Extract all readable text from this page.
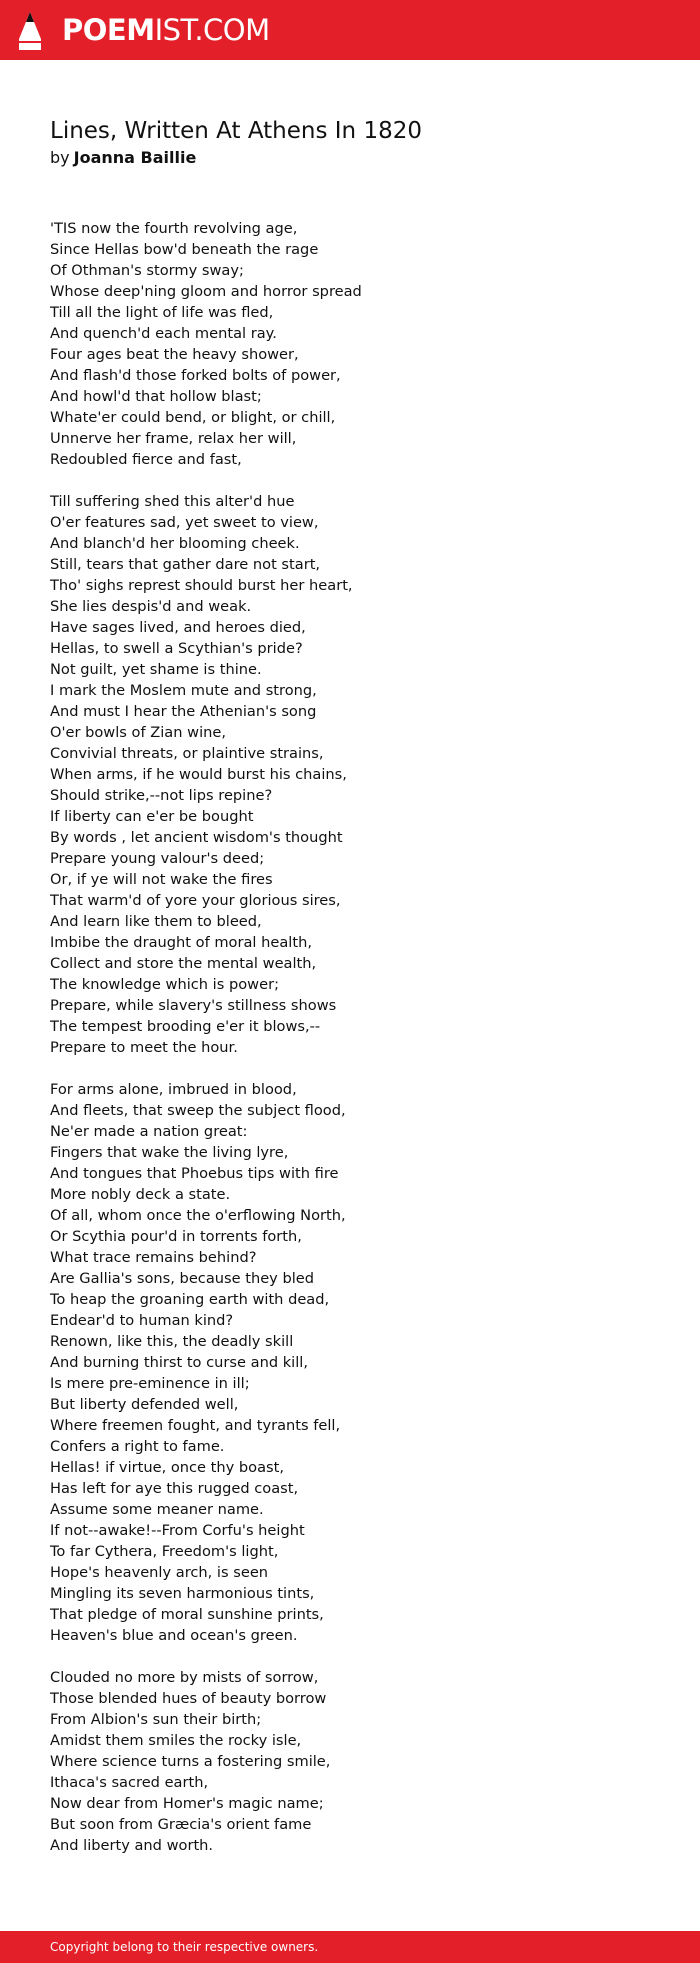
POEMIST.COM
Lines, Written At Athens In 1820
by Joanna Baillie
'TIS now the fourth revolving age,
Since Hellas bow'd beneath the rage
Of Othman's stormy sway;
Whose deep'ning gloom and horror spread
Till all the light of life was fled,
And quench'd each mental ray.
Four ages beat the heavy shower,
And flash'd those forked bolts of power,
And howl'd that hollow blast;
Whate'er could bend, or blight, or chill,
Unnerve her frame, relax her will,
Redoubled fierce and fast,
Till suffering shed this alter'd hue
O'er features sad, yet sweet to view,
And blanch'd her blooming cheek.
Still, tears that gather dare not start,
Tho' sighs represt should burst her heart,
She lies despis'd and weak.
Have sages lived, and heroes died,
Hellas, to swell a Scythian's pride?
Not guilt, yet shame is thine.
I mark the Moslem mute and strong,
And must I hear the Athenian's song
O'er bowls of Zian wine,
Convivial threats, or plaintive strains,
When arms, if he would burst his chains,
Should strike,--not lips repine?
If liberty can e'er be bought
By words , let ancient wisdom's thought
Prepare young valour's deed;
Or, if ye will not wake the fires
That warm'd of yore your glorious sires,
And learn like them to bleed,
Imbibe the draught of moral health,
Collect and store the mental wealth,
The knowledge which is power;
Prepare, while slavery's stillness shows
The tempest brooding e'er it blows,--
Prepare to meet the hour.
For arms alone, imbrued in blood,
And fleets, that sweep the subject flood,
Ne'er made a nation great:
Fingers that wake the living lyre,
And tongues that Phoebus tips with fire
More nobly deck a state.
Of all, whom once the o'erflowing North,
Or Scythia pour'd in torrents forth,
What trace remains behind?
Are Gallia's sons, because they bled
To heap the groaning earth with dead,
Endear'd to human kind?
Renown, like this, the deadly skill
And burning thirst to curse and kill,
Is mere pre-eminence in ill;
But liberty defended well,
Where freemen fought, and tyrants fell,
Confers a right to fame.
Hellas! if virtue, once thy boast,
Has left for aye this rugged coast,
Assume some meaner name.
If not--awake!--From Corfu's height
To far Cythera, Freedom's light,
Hope's heavenly arch, is seen
Mingling its seven harmonious tints,
That pledge of moral sunshine prints,
Heaven's blue and ocean's green.
Clouded no more by mists of sorrow,
Those blended hues of beauty borrow
From Albion's sun their birth;
Amidst them smiles the rocky isle,
Where science turns a fostering smile,
Ithaca's sacred earth,
Now dear from Homer's magic name;
But soon from Græcia's orient fame
And liberty and worth.
Copyright belong to their respective owners.
